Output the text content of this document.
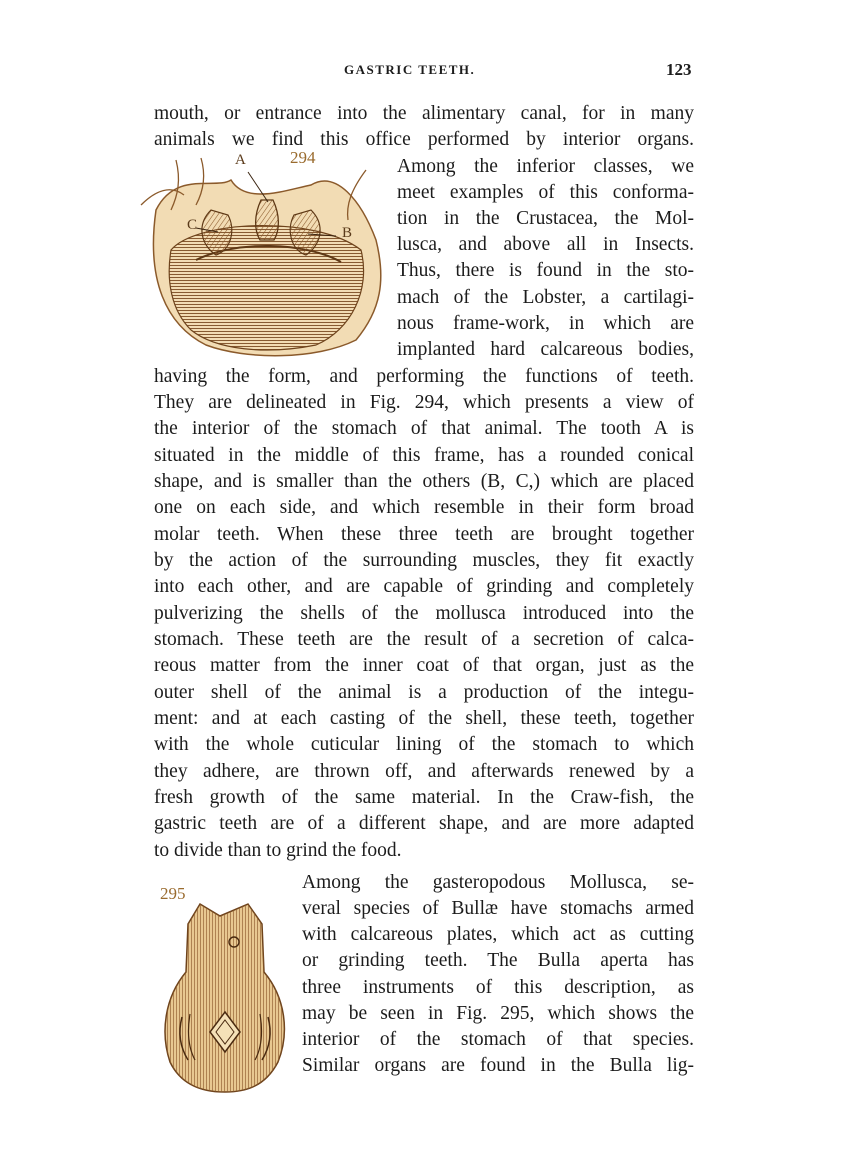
GASTRIC TEETH.	123
A	294
C	B
mouth, or entrance into the alimentary canal, for in many
animals we find this office performed by interior organs.
Among the inferior classes, we
meet examples of this conforma-
tion in the Crustacea, the Mol-
lusca, and above all in Insects.
Thus, there is found in the sto-
mach of the Lobster, a cartilagi-
nous frame-work, in which are
implanted hard calcareous bodies,
having the form, and performing the functions of teeth.
They are delineated in Fig. 294, which presents a view of
the interior of the stomach of that animal. The tooth A is
situated in the middle of this frame, has a rounded conical
shape, and is smaller than the others (B, C,) which are placed
one on each side, and which resemble in their form broad
molar teeth. When these three teeth are brought together
by the action of the surrounding muscles, they fit exactly
into each other, and are capable of grinding and completely
pulverizing the shells of the mollusca introduced into the
stomach. These teeth are the result of a secretion of calca-
reous matter from the inner coat of that organ, just as the
outer shell of the animal is a production of the integu-
ment: and at each casting of the shell, these teeth, together
with the whole cuticular lining of the stomach to which
they adhere, are thrown off, and afterwards renewed by a
fresh growth of the same material. In the Craw-fish, the
gastric teeth are of a different shape, and are more adapted
to divide than to grind the food.
295
Among the gasteropodous Mollusca, se-
veral species of Bullæ have stomachs armed
with calcareous plates, which act as cutting
or grinding teeth. The Bulla aperta has
three instruments of this description, as
may be seen in Fig. 295, which shows the
interior of the stomach of that species.
Similar organs are found in the Bulla lig-
